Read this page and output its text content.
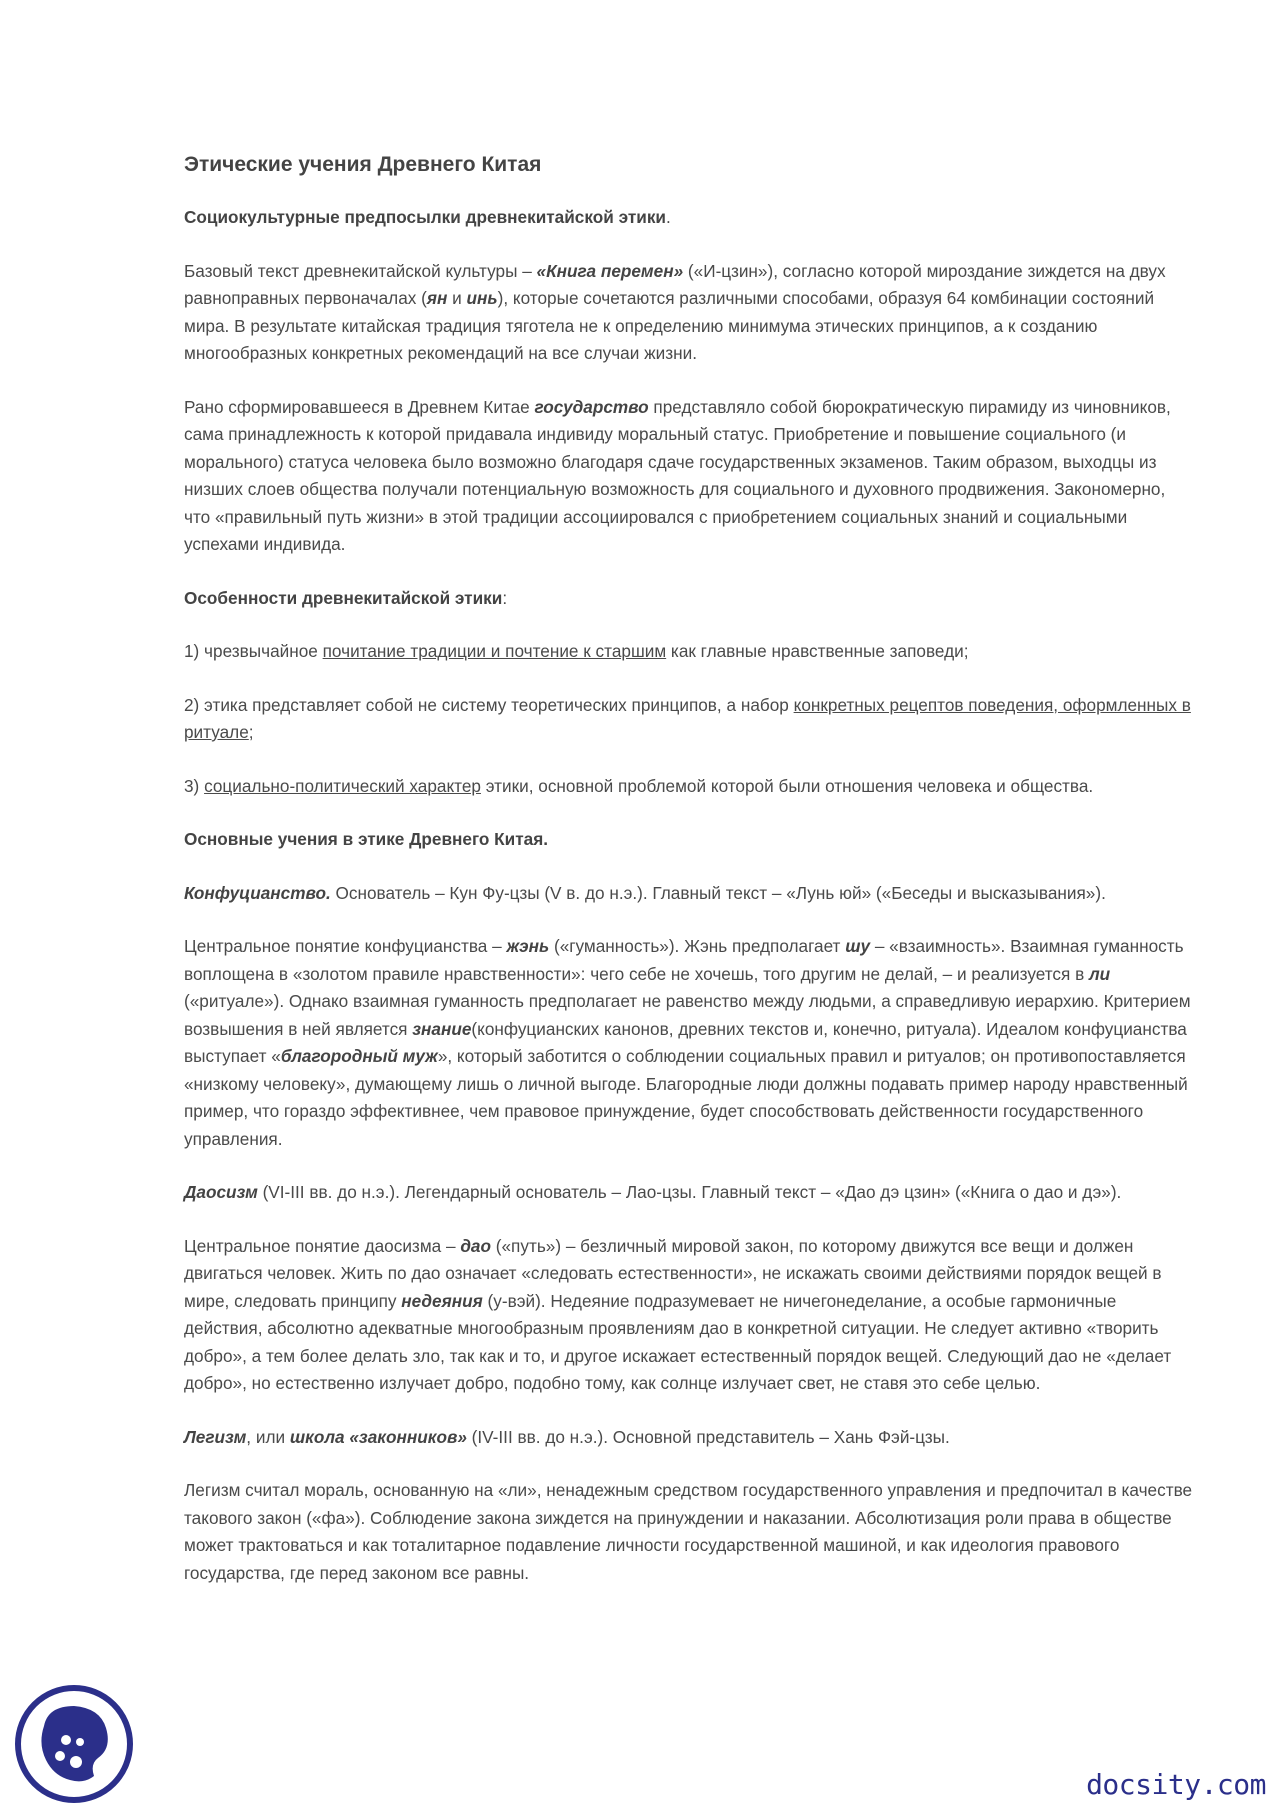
Этические учения Древнего Китая

Социокультурные предпосылки древнекитайской этики.

Базовый текст древнекитайской культуры – «Книга перемен» («И-цзин»), согласно которой мироздание зиждется на двух равноправных первоначалах (ян и инь), которые сочетаются различными способами, образуя 64 комбинации состояний мира. В результате китайская традиция тяготела не к определению минимума этических принципов, а к созданию многообразных конкретных рекомендаций на все случаи жизни.

Рано сформировавшееся в Древнем Китае государство представляло собой бюрократическую пирамиду из чиновников, сама принадлежность к которой придавала индивиду моральный статус. Приобретение и повышение социального (и морального) статуса человека было возможно благодаря сдаче государственных экзаменов. Таким образом, выходцы из низших слоев общества получали потенциальную возможность для социального и духовного продвижения. Закономерно, что «правильный путь жизни» в этой традиции ассоциировался с приобретением социальных знаний и социальными успехами индивида.

Особенности древнекитайской этики:

1) чрезвычайное почитание традиции и почтение к старшим как главные нравственные заповеди;

2) этика представляет собой не систему теоретических принципов, а набор конкретных рецептов поведения, оформленных в ритуале;

3) социально-политический характер этики, основной проблемой которой были отношения человека и общества.

Основные учения в этике Древнего Китая.

Конфуцианство. Основатель – Кун Фу-цзы (V в. до н.э.). Главный текст – «Лунь юй» («Беседы и высказывания»).

Центральное понятие конфуцианства – жэнь («гуманность»). Жэнь предполагает шу – «взаимность». Взаимная гуманность воплощена в «золотом правиле нравственности»: чего себе не хочешь, того другим не делай, – и реализуется в ли («ритуале»). Однако взаимная гуманность предполагает не равенство между людьми, а справедливую иерархию. Критерием возвышения в ней является знание(конфуцианских канонов, древних текстов и, конечно, ритуала). Идеалом конфуцианства выступает «благородный муж», который заботится о соблюдении социальных правил и ритуалов; он противопоставляется «низкому человеку», думающему лишь о личной выгоде. Благородные люди должны подавать пример народу нравственный пример, что гораздо эффективнее, чем правовое принуждение, будет способствовать действенности государственного управления.

Даосизм (VI-III вв. до н.э.). Легендарный основатель – Лао-цзы. Главный текст – «Дао дэ цзин» («Книга о дао и дэ»).

Центральное понятие даосизма – дао («путь») – безличный мировой закон, по которому движутся все вещи и должен двигаться человек. Жить по дао означает «следовать естественности», не искажать своими действиями порядок вещей в мире, следовать принципу недеяния (у-вэй). Недеяние подразумевает не ничегонеделание, а особые гармоничные действия, абсолютно адекватные многообразным проявлениям дао в конкретной ситуации. Не следует активно «творить добро», а тем более делать зло, так как и то, и другое искажает естественный порядок вещей. Следующий дао не «делает добро», но естественно излучает добро, подобно тому, как солнце излучает свет, не ставя это себе целью.

Легизм, или школа «законников» (IV-III вв. до н.э.). Основной представитель – Хань Фэй-цзы.

Легизм считал мораль, основанную на «ли», ненадежным средством государственного управления и предпочитал в качестве такового закон («фа»). Соблюдение закона зиждется на принуждении и наказании. Абсолютизация роли права в обществе может трактоваться и как тоталитарное подавление личности государственной машиной, и как идеология правового государства, где перед законом все равны.

docsity.com
